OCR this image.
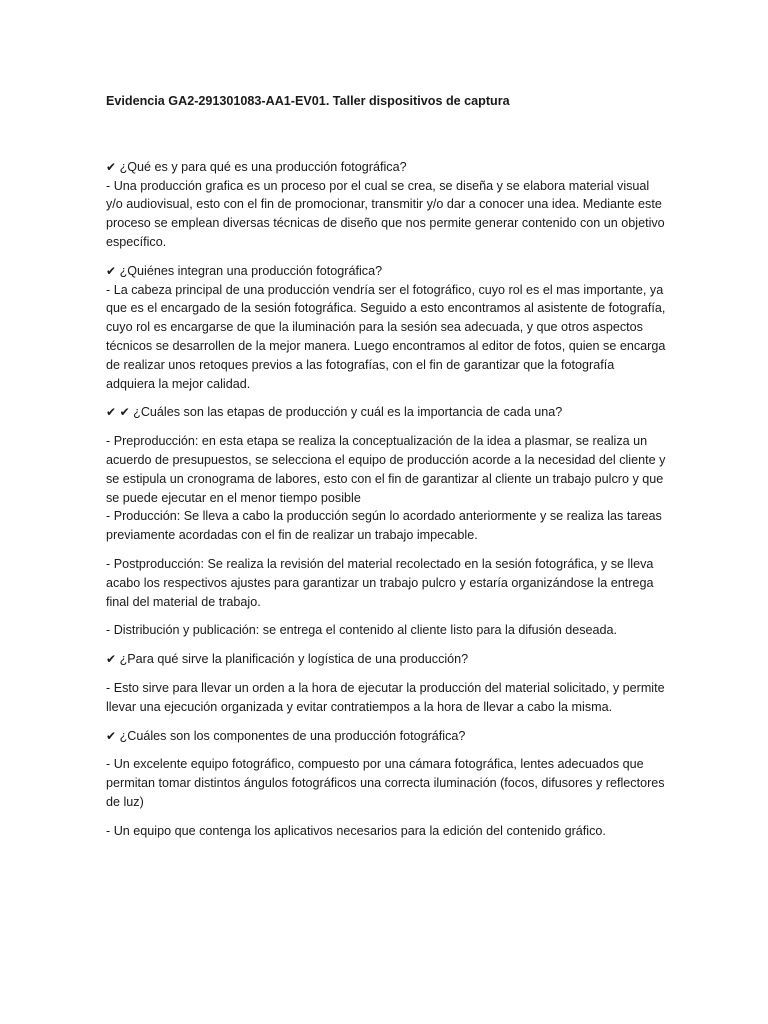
Evidencia GA2-291301083-AA1-EV01. Taller dispositivos de captura

✔ ¿Qué es y para qué es una producción fotográfica?

- Una producción grafica es un proceso por el cual se crea, se diseña y se elabora material visual y/o audiovisual, esto con el fin de promocionar, transmitir y/o dar a conocer una idea. Mediante este proceso se emplean diversas técnicas de diseño que nos permite generar contenido con un objetivo específico.

✔ ¿Quiénes integran una producción fotográfica?

- La cabeza principal de una producción vendría ser el fotográfico, cuyo rol es el mas importante, ya que es el encargado de la sesión fotográfica. Seguido a esto encontramos al asistente de fotografía, cuyo rol es encargarse de que la iluminación para la sesión sea adecuada, y que otros aspectos técnicos se desarrollen de la mejor manera. Luego encontramos al editor de fotos, quien se encarga de realizar unos retoques previos a las fotografías, con el fin de garantizar que la fotografía adquiera la mejor calidad.

✔ ✔ ¿Cuáles son las etapas de producción y cuál es la importancia de cada una?

- Preproducción: en esta etapa se realiza la conceptualización de la idea a plasmar, se realiza un acuerdo de presupuestos, se selecciona el equipo de producción acorde a la necesidad del cliente y se estipula un cronograma de labores, esto con el fin de garantizar al cliente un trabajo pulcro y que se puede ejecutar en el menor tiempo posible

- Producción: Se lleva a cabo la producción según lo acordado anteriormente y se realiza las tareas previamente acordadas con el fin de realizar un trabajo impecable.

- Postproducción: Se realiza la revisión del material recolectado en la sesión fotográfica, y se lleva acabo los respectivos ajustes para garantizar un trabajo pulcro y estaría organizándose la entrega final del material de trabajo.

- Distribución y publicación: se entrega el contenido al cliente listo para la difusión deseada.

✔ ¿Para qué sirve la planificación y logística de una producción?

- Esto sirve para llevar un orden a la hora de ejecutar la producción del material solicitado, y permite llevar una ejecución organizada y evitar contratiempos a la hora de llevar a cabo la misma.

✔ ¿Cuáles son los componentes de una producción fotográfica?

- Un excelente equipo fotográfico, compuesto por una cámara fotográfica, lentes adecuados que permitan tomar distintos ángulos fotográficos una correcta iluminación (focos, difusores y reflectores de luz)

- Un equipo que contenga los aplicativos necesarios para la edición del contenido gráfico.
